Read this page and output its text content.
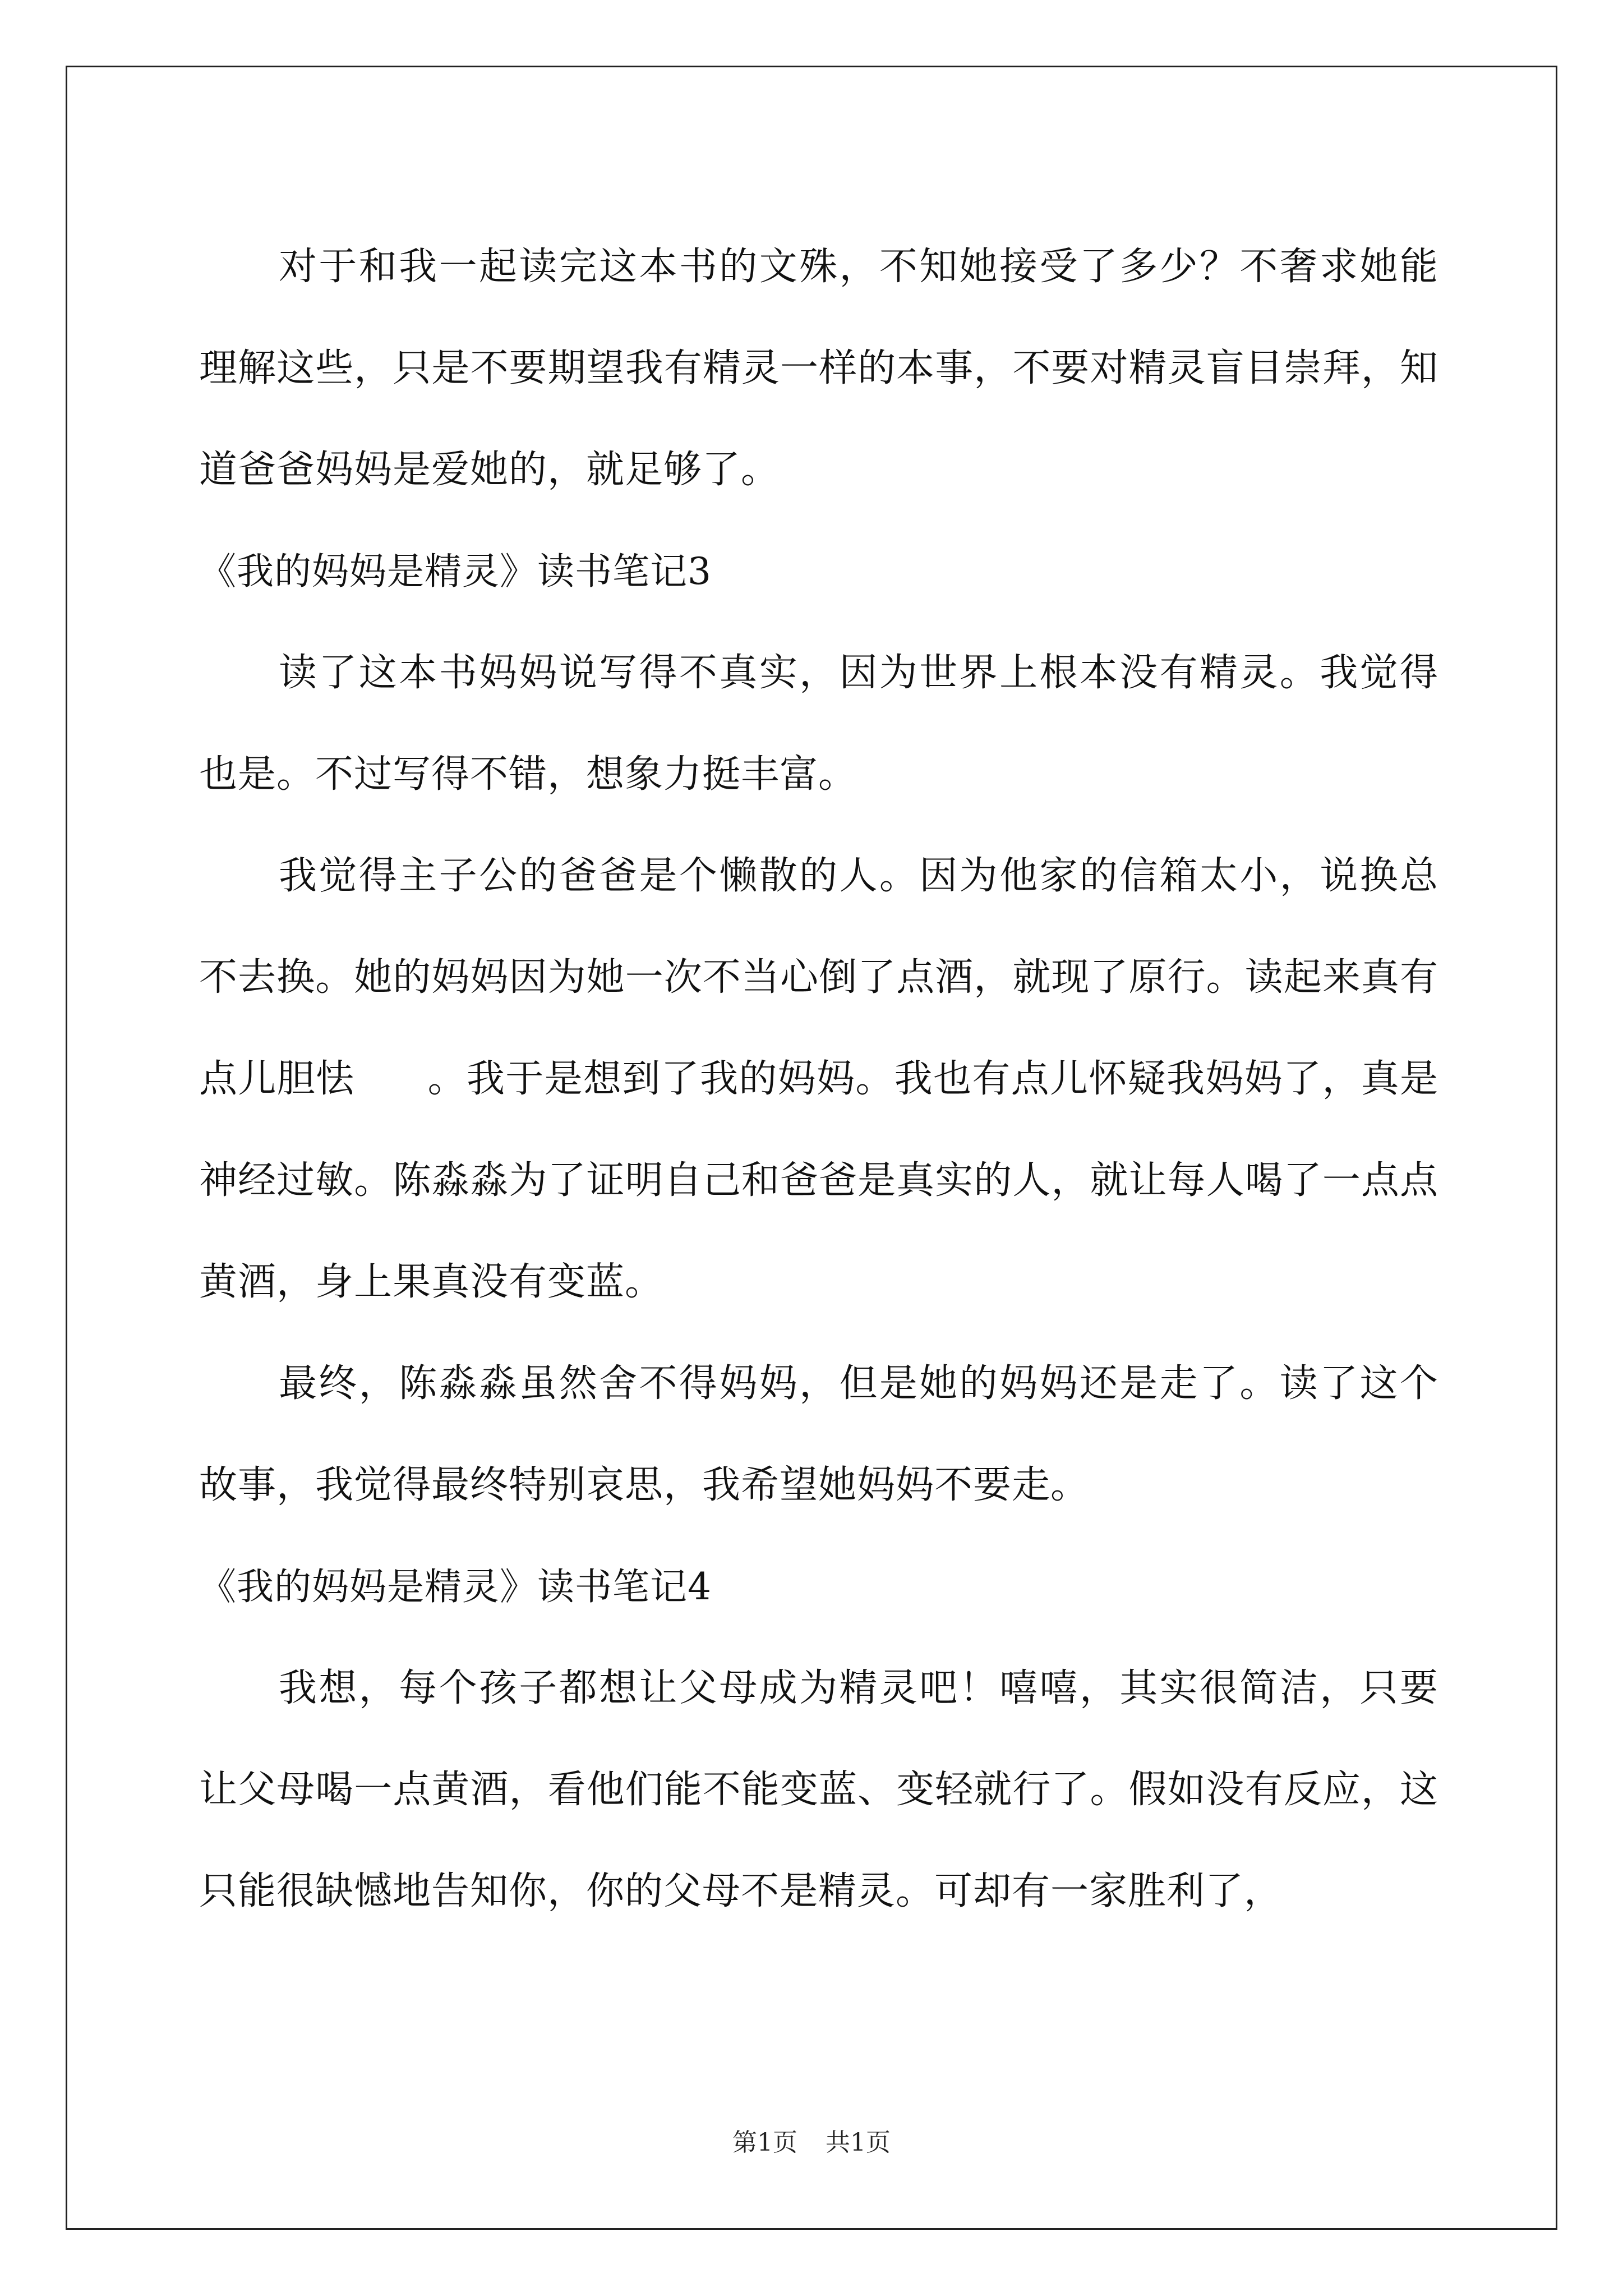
对于和我一起读完这本书的文殊，不知她接受了多少？不奢求她能理解这些，只是不要期望我有精灵一样的本事，不要对精灵盲目崇拜，知道爸爸妈妈是爱她的，就足够了。

《我的妈妈是精灵》读书笔记3

读了这本书妈妈说写得不真实，因为世界上根本没有精灵。我觉得也是。不过写得不错，想象力挺丰富。

我觉得主子公的爸爸是个懒散的人。因为他家的信箱太小，说换总不去换。她的妈妈因为她一次不当心倒了点酒，就现了原行。读起来真有点儿胆怯 。我于是想到了我的妈妈。我也有点儿怀疑我妈妈了，真是神经过敏。陈淼淼为了证明自己和爸爸是真实的人，就让每人喝了一点点黄酒，身上果真没有变蓝。

最终，陈淼淼虽然舍不得妈妈，但是她的妈妈还是走了。读了这个故事，我觉得最终特别哀思，我希望她妈妈不要走。

《我的妈妈是精灵》读书笔记4

我想，每个孩子都想让父母成为精灵吧！嘻嘻，其实很简洁，只要让父母喝一点黄酒，看他们能不能变蓝、变轻就行了。假如没有反应，这只能很缺憾地告知你，你的父母不是精灵。可却有一家胜利了，

第1页 共1页
